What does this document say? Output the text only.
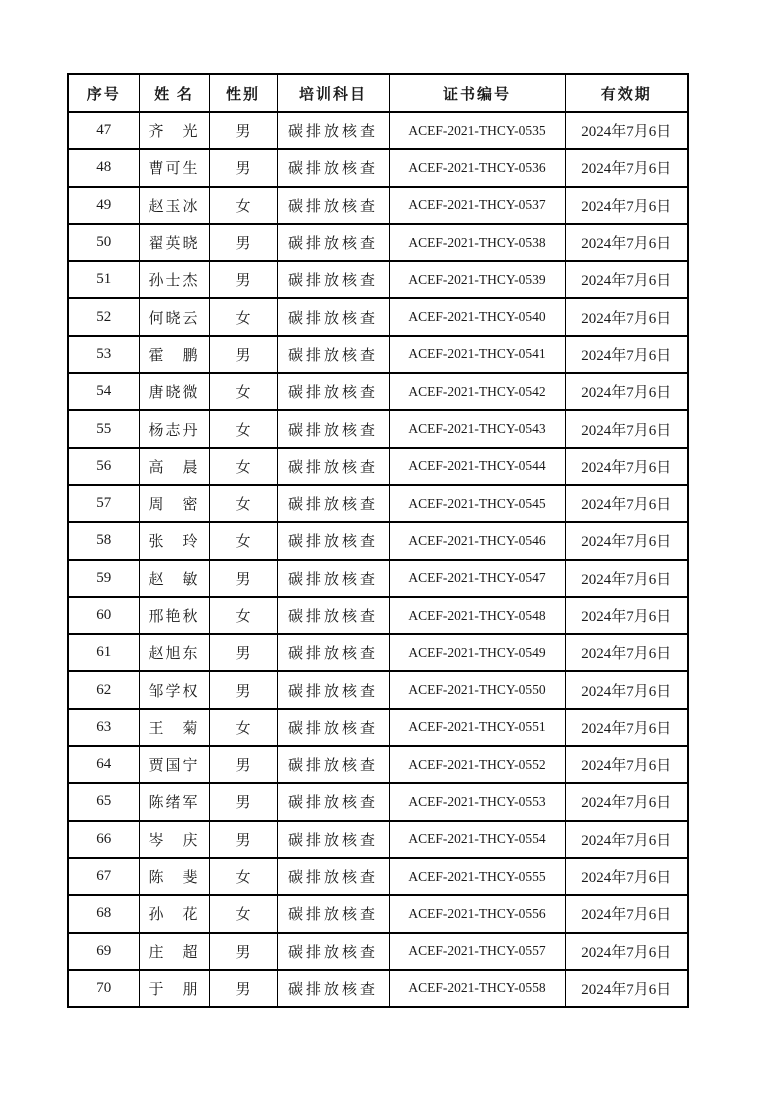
序号	姓 名	性别	培训科目	证书编号	有效期
47	齐　光	男	碳排放核查	ACEF-2021-THCY-0535	2024年7月6日
48	曹可生	男	碳排放核查	ACEF-2021-THCY-0536	2024年7月6日
49	赵玉冰	女	碳排放核查	ACEF-2021-THCY-0537	2024年7月6日
50	翟英晓	男	碳排放核查	ACEF-2021-THCY-0538	2024年7月6日
51	孙士杰	男	碳排放核查	ACEF-2021-THCY-0539	2024年7月6日
52	何晓云	女	碳排放核查	ACEF-2021-THCY-0540	2024年7月6日
53	霍　鹏	男	碳排放核查	ACEF-2021-THCY-0541	2024年7月6日
54	唐晓微	女	碳排放核查	ACEF-2021-THCY-0542	2024年7月6日
55	杨志丹	女	碳排放核查	ACEF-2021-THCY-0543	2024年7月6日
56	高　晨	女	碳排放核查	ACEF-2021-THCY-0544	2024年7月6日
57	周　密	女	碳排放核查	ACEF-2021-THCY-0545	2024年7月6日
58	张　玲	女	碳排放核查	ACEF-2021-THCY-0546	2024年7月6日
59	赵　敏	男	碳排放核查	ACEF-2021-THCY-0547	2024年7月6日
60	邢艳秋	女	碳排放核查	ACEF-2021-THCY-0548	2024年7月6日
61	赵旭东	男	碳排放核查	ACEF-2021-THCY-0549	2024年7月6日
62	邹学权	男	碳排放核查	ACEF-2021-THCY-0550	2024年7月6日
63	王　菊	女	碳排放核查	ACEF-2021-THCY-0551	2024年7月6日
64	贾国宁	男	碳排放核查	ACEF-2021-THCY-0552	2024年7月6日
65	陈绪军	男	碳排放核查	ACEF-2021-THCY-0553	2024年7月6日
66	岑　庆	男	碳排放核查	ACEF-2021-THCY-0554	2024年7月6日
67	陈　斐	女	碳排放核查	ACEF-2021-THCY-0555	2024年7月6日
68	孙　花	女	碳排放核查	ACEF-2021-THCY-0556	2024年7月6日
69	庄　超	男	碳排放核查	ACEF-2021-THCY-0557	2024年7月6日
70	于　朋	男	碳排放核查	ACEF-2021-THCY-0558	2024年7月6日
